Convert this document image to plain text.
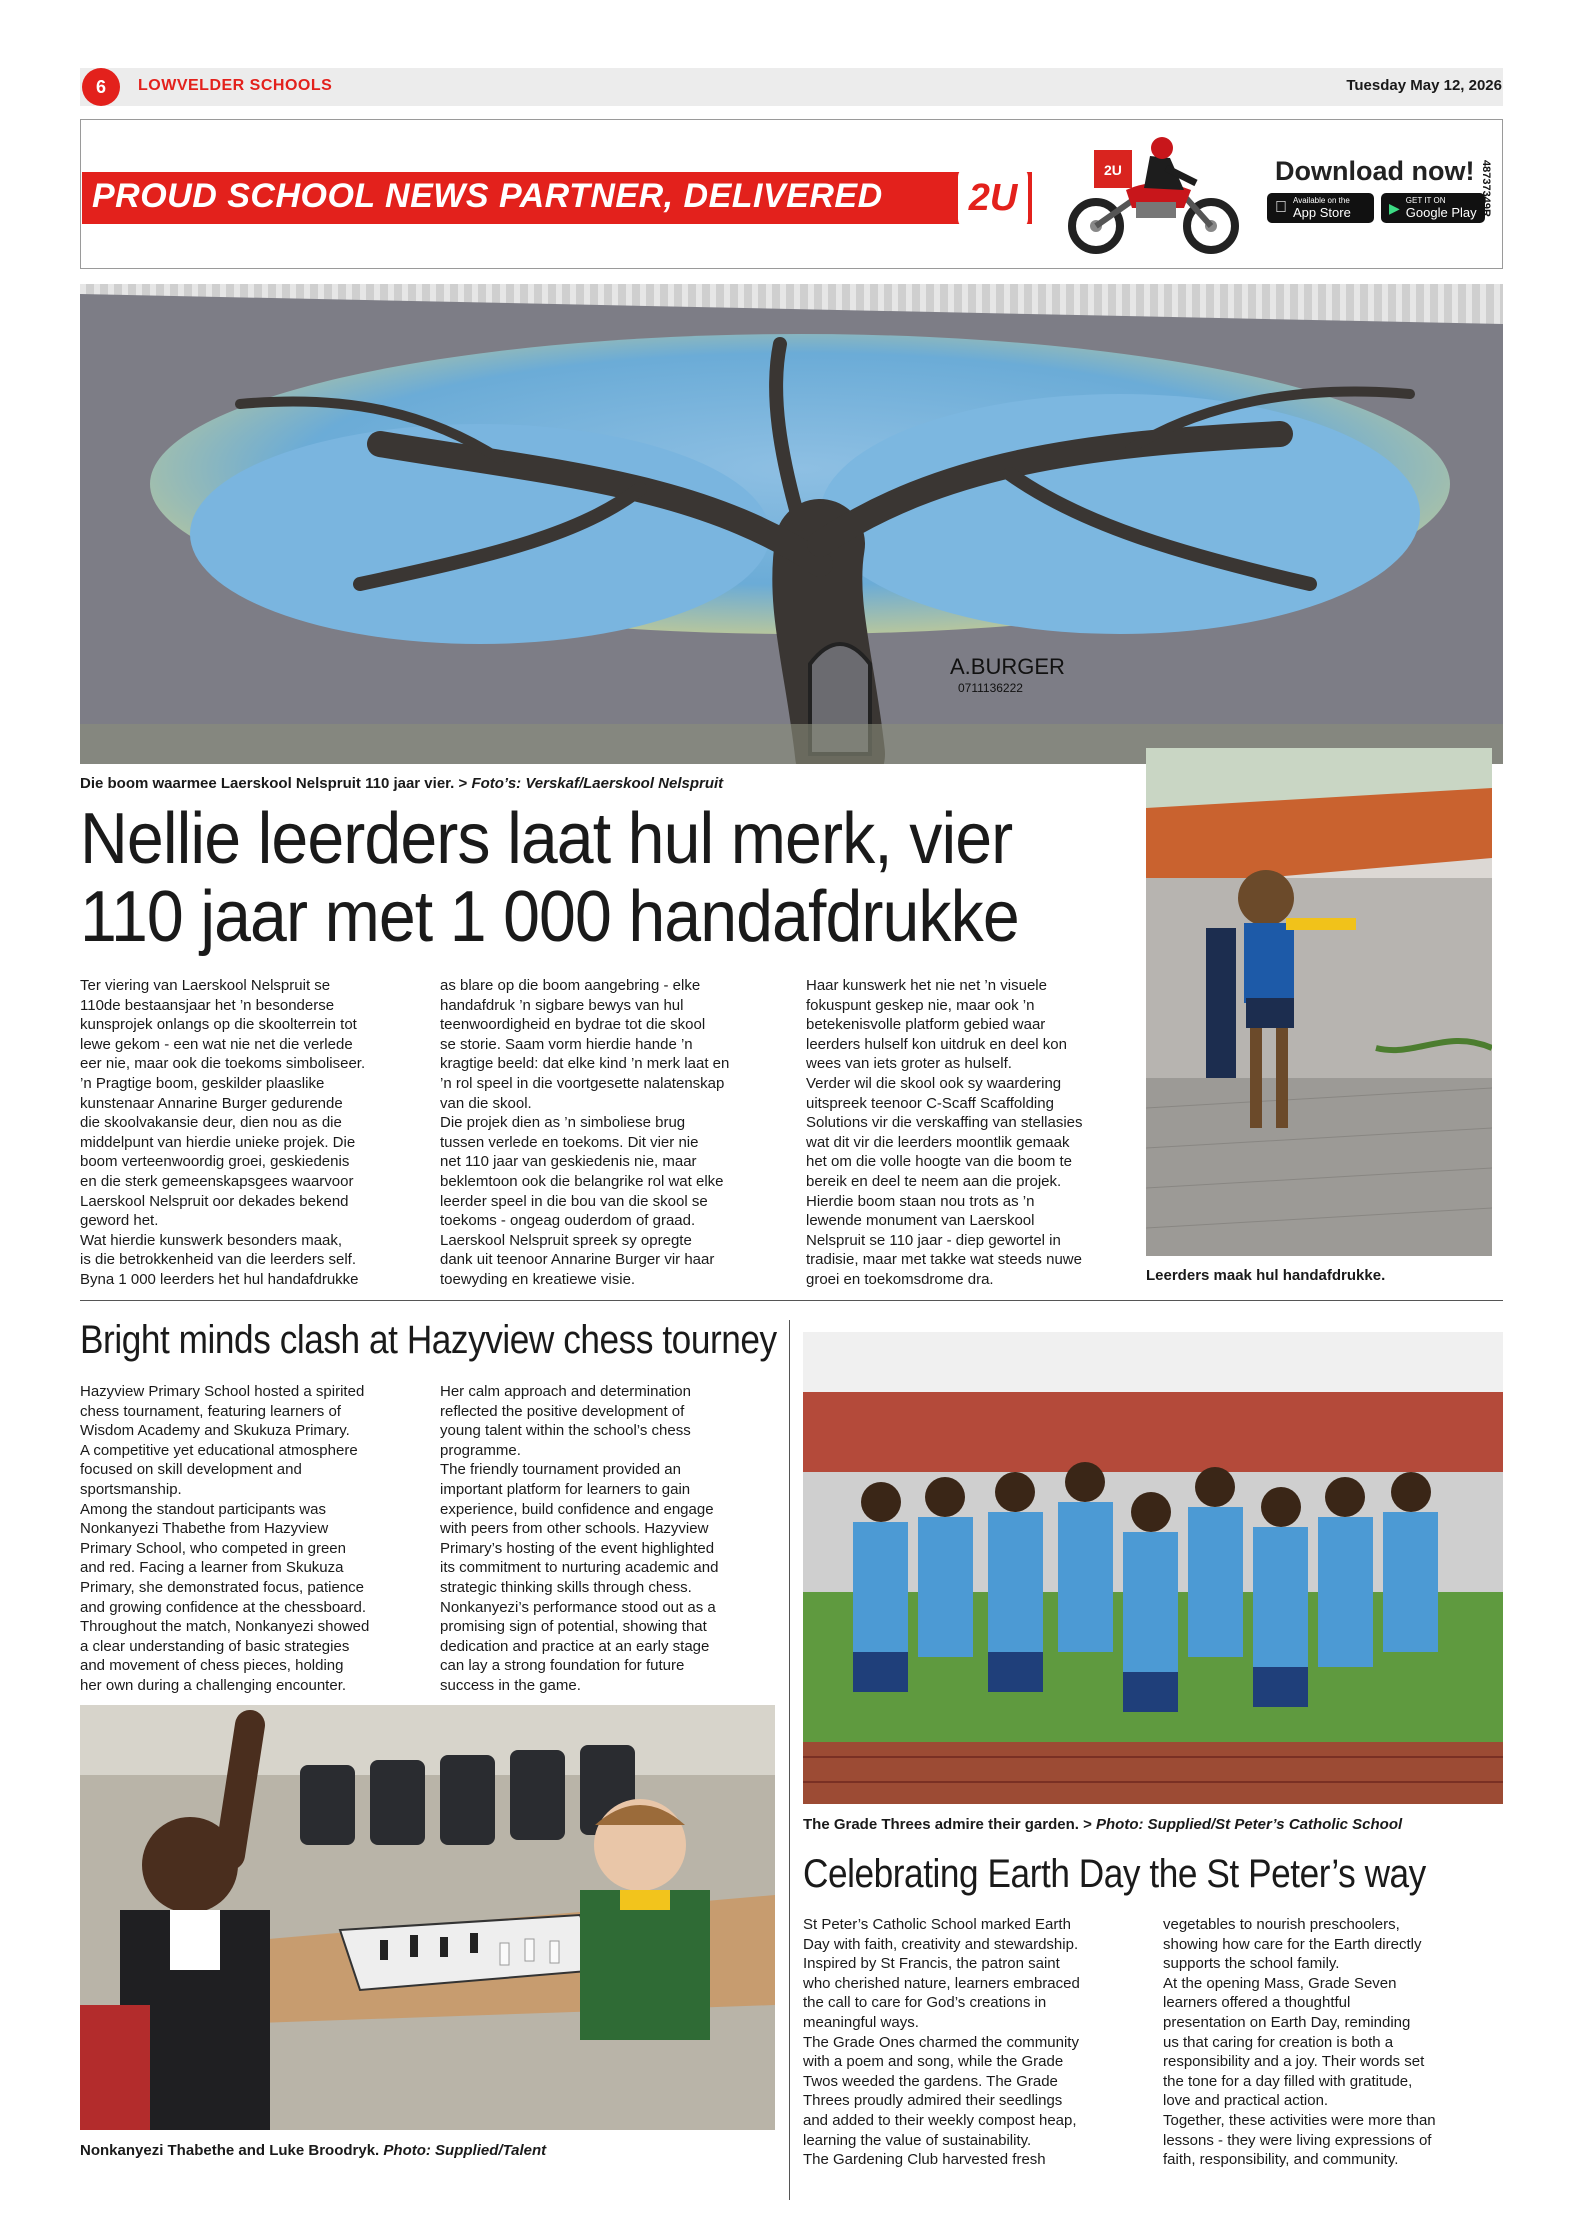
6	LOWVELDER SCHOOLS	Tuesday May 12, 2026
PROUD SCHOOL NEWS PARTNER, DELIVERED 2U
2U	Download now!
Available on the
App Store	▶ GET IT ON
Google Play 48737349R
A.BURGER
0711136222
Die boom waarmee Laerskool Nelspruit 110 jaar vier. > Foto’s: Verskaf/Laerskool Nelspruit
Nellie leerders laat hul merk, vier
110 jaar met 1 000 handafdrukke
Ter viering van Laerskool Nelspruit se
110de bestaansjaar het ’n besonderse
kunsprojek onlangs op die skoolterrein tot
lewe gekom - een wat nie net die verlede
eer nie, maar ook die toekoms simboliseer.
’n Pragtige boom, geskilder plaaslike
kunstenaar Annarine Burger gedurende
die skoolvakansie deur, dien nou as die
middelpunt van hierdie unieke projek. Die
boom verteenwoordig groei, geskiedenis
en die sterk gemeenskapsgees waarvoor
Laerskool Nelspruit oor dekades bekend
geword het.
Wat hierdie kunswerk besonders maak,
is die betrokkenheid van die leerders self.
Byna 1 000 leerders het hul handafdrukke
as blare op die boom aangebring - elke
handafdruk ’n sigbare bewys van hul
teenwoordigheid en bydrae tot die skool
se storie. Saam vorm hierdie hande ’n
kragtige beeld: dat elke kind ’n merk laat en
’n rol speel in die voortgesette nalatenskap
van die skool.
Die projek dien as ’n simboliese brug
tussen verlede en toekoms. Dit vier nie
net 110 jaar van geskiedenis nie, maar
beklemtoon ook die belangrike rol wat elke
leerder speel in die bou van die skool se
toekoms - ongeag ouderdom of graad.
Laerskool Nelspruit spreek sy opregte
dank uit teenoor Annarine Burger vir haar
toewyding en kreatiewe visie.
Haar kunswerk het nie net ’n visuele
fokuspunt geskep nie, maar ook ’n
betekenisvolle platform gebied waar
leerders hulself kon uitdruk en deel kon
wees van iets groter as hulself.
Verder wil die skool ook sy waardering
uitspreek teenoor C-Scaff Scaffolding
Solutions vir die verskaffing van stellasies
wat dit vir die leerders moontlik gemaak
het om die volle hoogte van die boom te
bereik en deel te neem aan die projek.
Hierdie boom staan nou trots as ’n
lewende monument van Laerskool
Nelspruit se 110 jaar - diep gewortel in
tradisie, maar met takke wat steeds nuwe
groei en toekomsdrome dra.	Leerders maak hul handafdrukke.
Bright minds clash at Hazyview chess tourney
Hazyview Primary School hosted a spirited
chess tournament, featuring learners of
Wisdom Academy and Skukuza Primary.
A competitive yet educational atmosphere
focused on skill development and
sportsmanship.
Among the standout participants was
Nonkanyezi Thabethe from Hazyview
Primary School, who competed in green
and red. Facing a learner from Skukuza
Primary, she demonstrated focus, patience
and growing confidence at the chessboard.
Throughout the match, Nonkanyezi showed
a clear understanding of basic strategies
and movement of chess pieces, holding
her own during a challenging encounter.
Her calm approach and determination
reflected the positive development of
young talent within the school’s chess
programme.
The friendly tournament provided an
important platform for learners to gain
experience, build confidence and engage
with peers from other schools. Hazyview
Primary’s hosting of the event highlighted
its commitment to nurturing academic and
strategic thinking skills through chess.
Nonkanyezi’s performance stood out as a
promising sign of potential, showing that
dedication and practice at an early stage
can lay a strong foundation for future
success in the game.
Nonkanyezi Thabethe and Luke Broodryk. Photo: Supplied/Talent
The Grade Threes admire their garden. > Photo: Supplied/St Peter’s Catholic School
Celebrating Earth Day the St Peter’s way
St Peter’s Catholic School marked Earth
Day with faith, creativity and stewardship.
Inspired by St Francis, the patron saint
who cherished nature, learners embraced
the call to care for God’s creations in
meaningful ways.
The Grade Ones charmed the community
with a poem and song, while the Grade
Twos weeded the gardens. The Grade
Threes proudly admired their seedlings
and added to their weekly compost heap,
learning the value of sustainability.
The Gardening Club harvested fresh
vegetables to nourish preschoolers,
showing how care for the Earth directly
supports the school family.
At the opening Mass, Grade Seven
learners offered a thoughtful
presentation on Earth Day, reminding
us that caring for creation is both a
responsibility and a joy. Their words set
the tone for a day filled with gratitude,
love and practical action.
Together, these activities were more than
lessons - they were living expressions of
faith, responsibility, and community.
